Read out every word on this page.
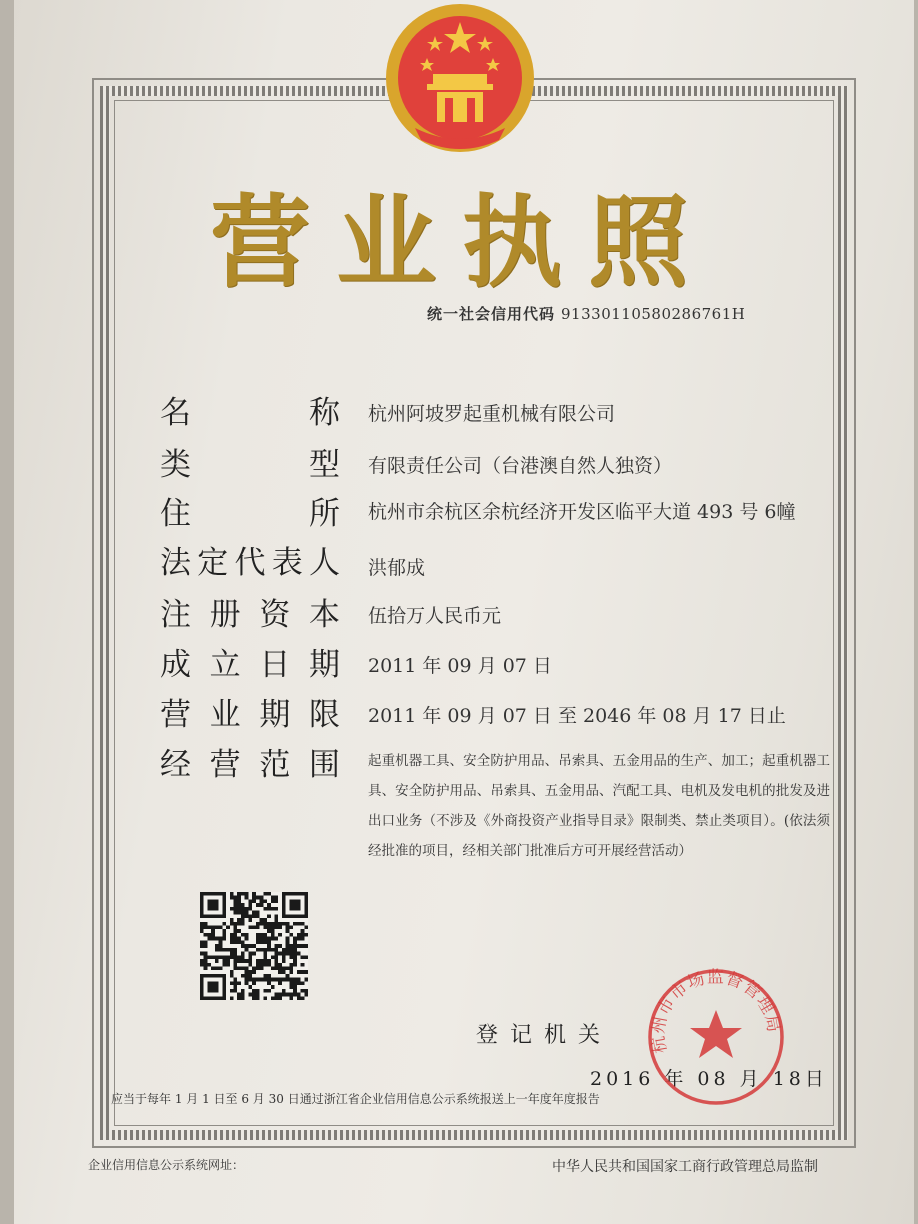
营业执照
统一社会信用代码 91330110580286761H
名	称 杭州阿坡罗起重机械有限公司
类	型 有限责任公司（台港澳自然人独资）
住	所 杭州市余杭区余杭经济开发区临平大道 493 号 6幢
法 定 代 表 人 洪郁成
注 册 资 本 伍拾万人民币元
成 立 日 期 2011 年 09 月 07 日
营 业 期 限 2011 年 09 月 07 日 至 2046 年 08 月 17 日止
经 营 范 围 起重机器工具、安全防护用品、吊索具、五金用品的生产、加工；起重机器工具、安全防护用品、吊索具、五金用品、汽配工具、电机及发电机的批发及进出口业务（不涉及《外商投资产业指导目录》限制类、禁止类项目）。(依法须经批准的项目，经相关部门批准后方可开展经营活动）
登记机关
2016 年 08 月 18日
杭州市市场监督管理局
应当于每年 1 月 1 日至 6 月 30 日通过浙江省企业信用信息公示系统报送上一年度年度报告
企业信用信息公示系统网址：	中华人民共和国国家工商行政管理总局监制
